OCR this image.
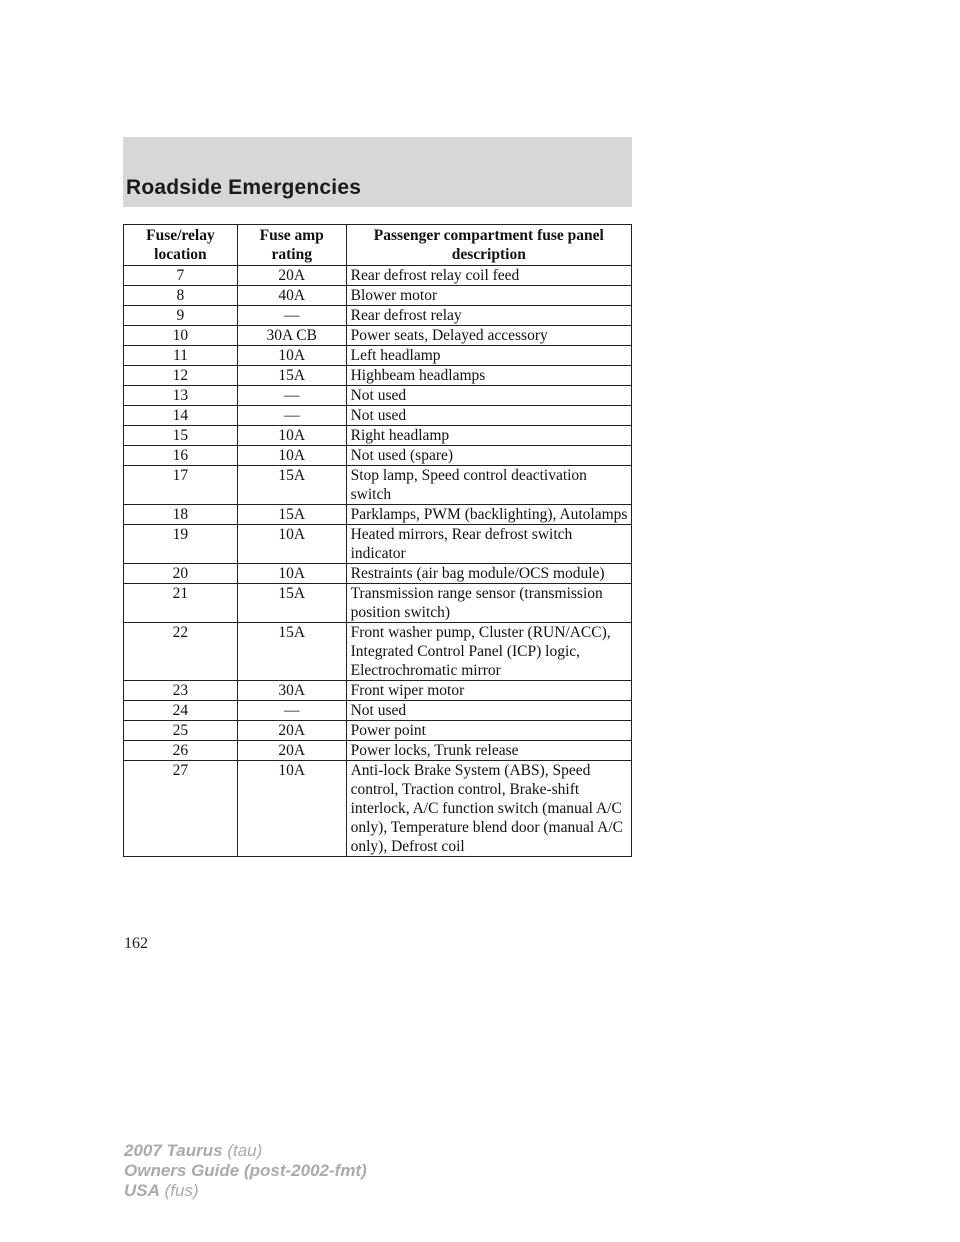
Roadside Emergencies
Fuse/relay location	Fuse amp rating	Passenger compartment fuse panel description
7	20A	Rear defrost relay coil feed
8	40A	Blower motor
9	—	Rear defrost relay
10	30A CB	Power seats, Delayed accessory
11	10A	Left headlamp
12	15A	Highbeam headlamps
13	—	Not used
14	—	Not used
15	10A	Right headlamp
16	10A	Not used (spare)
17	15A	Stop lamp, Speed control deactivation switch
18	15A	Parklamps, PWM (backlighting), Autolamps
19	10A	Heated mirrors, Rear defrost switch indicator
20	10A	Restraints (air bag module/OCS module)
21	15A	Transmission range sensor (transmission position switch)
22	15A	Front washer pump, Cluster (RUN/ACC), Integrated Control Panel (ICP) logic, Electrochromatic mirror
23	30A	Front wiper motor
24	—	Not used
25	20A	Power point
26	20A	Power locks, Trunk release
27	10A	Anti-lock Brake System (ABS), Speed control, Traction control, Brake-shift interlock, A/C function switch (manual A/C only), Temperature blend door (manual A/C only), Defrost coil
162
2007 Taurus (tau)
Owners Guide (post-2002-fmt)
USA (fus)
